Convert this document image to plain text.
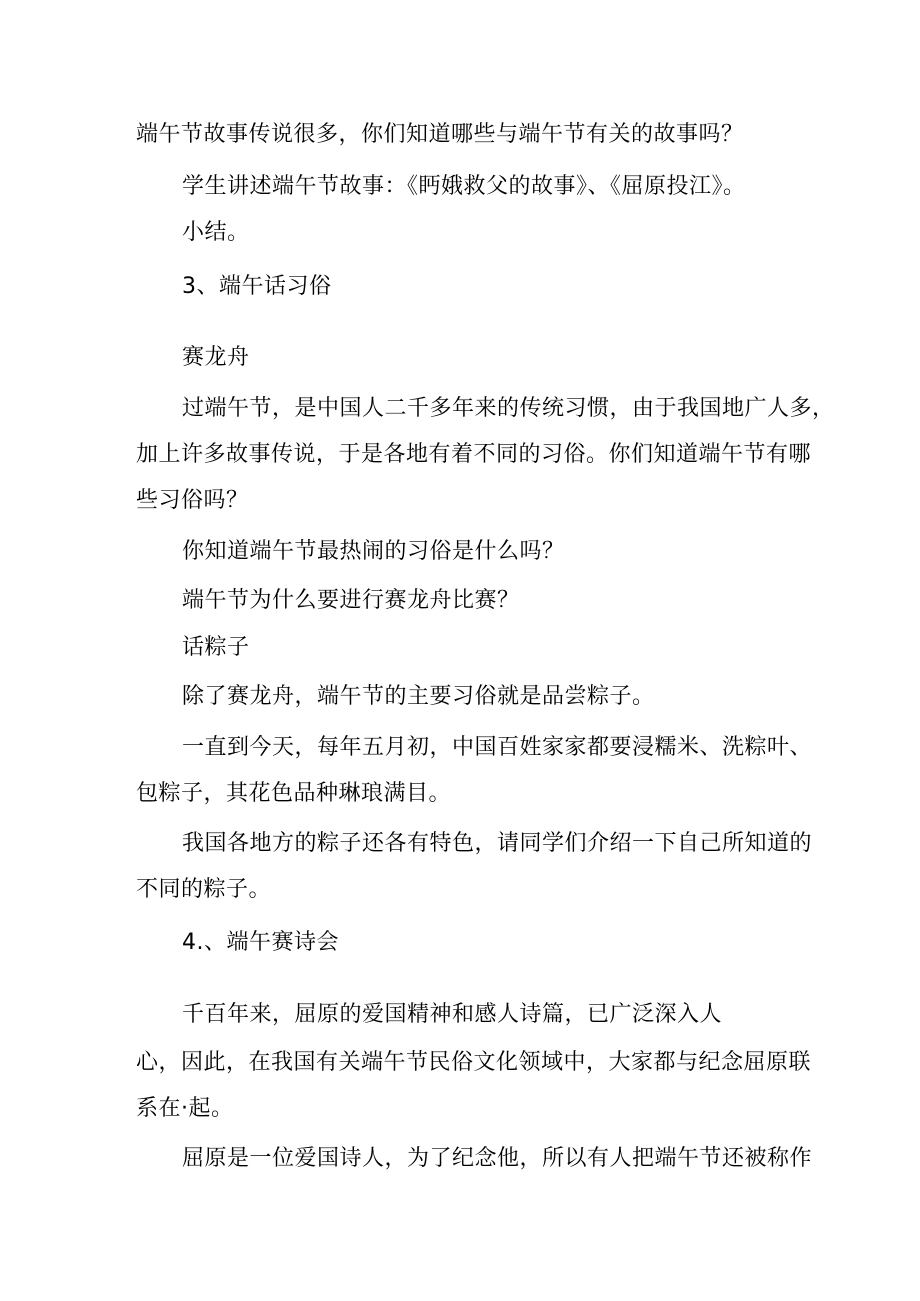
端午节故事传说很多，你们知道哪些与端午节有关的故事吗？
学生讲述端午节故事：《眄娥救父的故事》、《屈原投江》。
小结。
3、端午话习俗
赛龙舟
过端午节，是中国人二千多年来的传统习惯，由于我国地广人多，
加上许多故事传说，于是各地有着不同的习俗。你们知道端午节有哪
些习俗吗？
你知道端午节最热闹的习俗是什么吗？
端午节为什么要进行赛龙舟比赛？
话粽子
除了赛龙舟，端午节的主要习俗就是品尝粽子。
一直到今天，每年五月初，中国百姓家家都要浸糯米、洗粽叶、
包粽子，其花色品种琳琅满目。
我国各地方的粽子还各有特色，请同学们介绍一下自己所知道的
不同的粽子。
4.、端午赛诗会
千百年来，屈原的爱国精神和感人诗篇，已广泛深入人
心，因此，在我国有关端午节民俗文化领域中，大家都与纪念屈原联
系在·起。
屈原是一位爱国诗人，为了纪念他，所以有人把端午节还被称作
